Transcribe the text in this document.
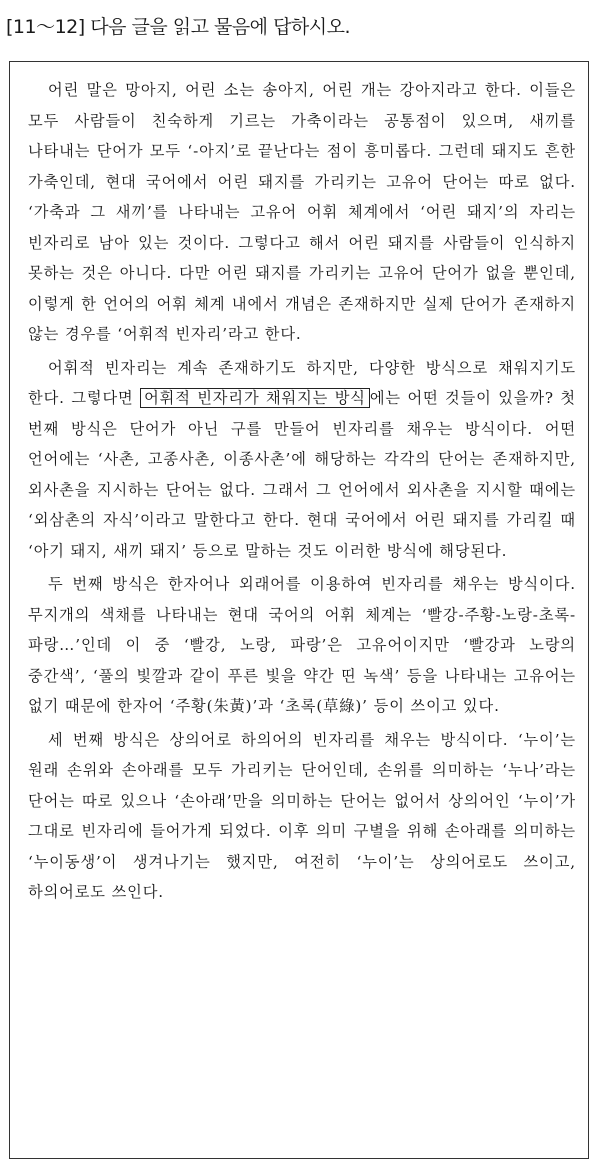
[11～12] 다음 글을 읽고 물음에 답하시오.

어린 말은 망아지, 어린 소는 송아지, 어린 개는 강아지라고 한다. 이들은 모두 사람들이 친숙하게 기르는 가축이라는 공통점이 있으며, 새끼를 나타내는 단어가 모두 ‘-아지’로 끝난다는 점이 흥미롭다. 그런데 돼지도 흔한 가축인데, 현대 국어에서 어린 돼지를 가리키는 고유어 단어는 따로 없다. ‘가축과 그 새끼’를 나타내는 고유어 어휘 체계에서 ‘어린 돼지’의 자리는 빈자리로 남아 있는 것이다. 그렇다고 해서 어린 돼지를 사람들이 인식하지 못하는 것은 아니다. 다만 어린 돼지를 가리키는 고유어 단어가 없을 뿐인데, 이렇게 한 언어의 어휘 체계 내에서 개념은 존재하지만 실제 단어가 존재하지 않는 경우를 ‘어휘적 빈자리’라고 한다.

어휘적 빈자리는 계속 존재하기도 하지만, 다양한 방식으로 채워지기도 한다. 그렇다면 어휘적 빈자리가 채워지는 방식 에는 어떤 것들이 있을까? 첫 번째 방식은 단어가 아닌 구를 만들어 빈자리를 채우는 방식이다. 어떤 언어에는 ‘사촌, 고종사촌, 이종사촌’에 해당하는 각각의 단어는 존재하지만, 외사촌을 지시하는 단어는 없다. 그래서 그 언어에서 외사촌을 지시할 때에는 ‘외삼촌의 자식’이라고 말한다고 한다. 현대 국어에서 어린 돼지를 가리킬 때 ‘아기 돼지, 새끼 돼지’ 등으로 말하는 것도 이러한 방식에 해당된다.

두 번째 방식은 한자어나 외래어를 이용하여 빈자리를 채우는 방식이다. 무지개의 색채를 나타내는 현대 국어의 어휘 체계는 ‘빨강-주황-노랑-초록-파랑…’인데 이 중 ‘빨강, 노랑, 파랑’은 고유어이지만 ‘빨강과 노랑의 중간색’, ‘풀의 빛깔과 같이 푸른 빛을 약간 띤 녹색’ 등을 나타내는 고유어는 없기 때문에 한자어 ‘주황(朱黃)’과 ‘초록(草綠)’ 등이 쓰이고 있다.

세 번째 방식은 상의어로 하의어의 빈자리를 채우는 방식이다. ‘누이’는 원래 손위와 손아래를 모두 가리키는 단어인데, 손위를 의미하는 ‘누나’라는 단어는 따로 있으나 ‘손아래’만을 의미하는 단어는 없어서 상의어인 ‘누이’가 그대로 빈자리에 들어가게 되었다. 이후 의미 구별을 위해 손아래를 의미하는 ‘누이동생’이 생겨나기는 했지만, 여전히 ‘누이’는 상의어로도 쓰이고, 하의어로도 쓰인다.
